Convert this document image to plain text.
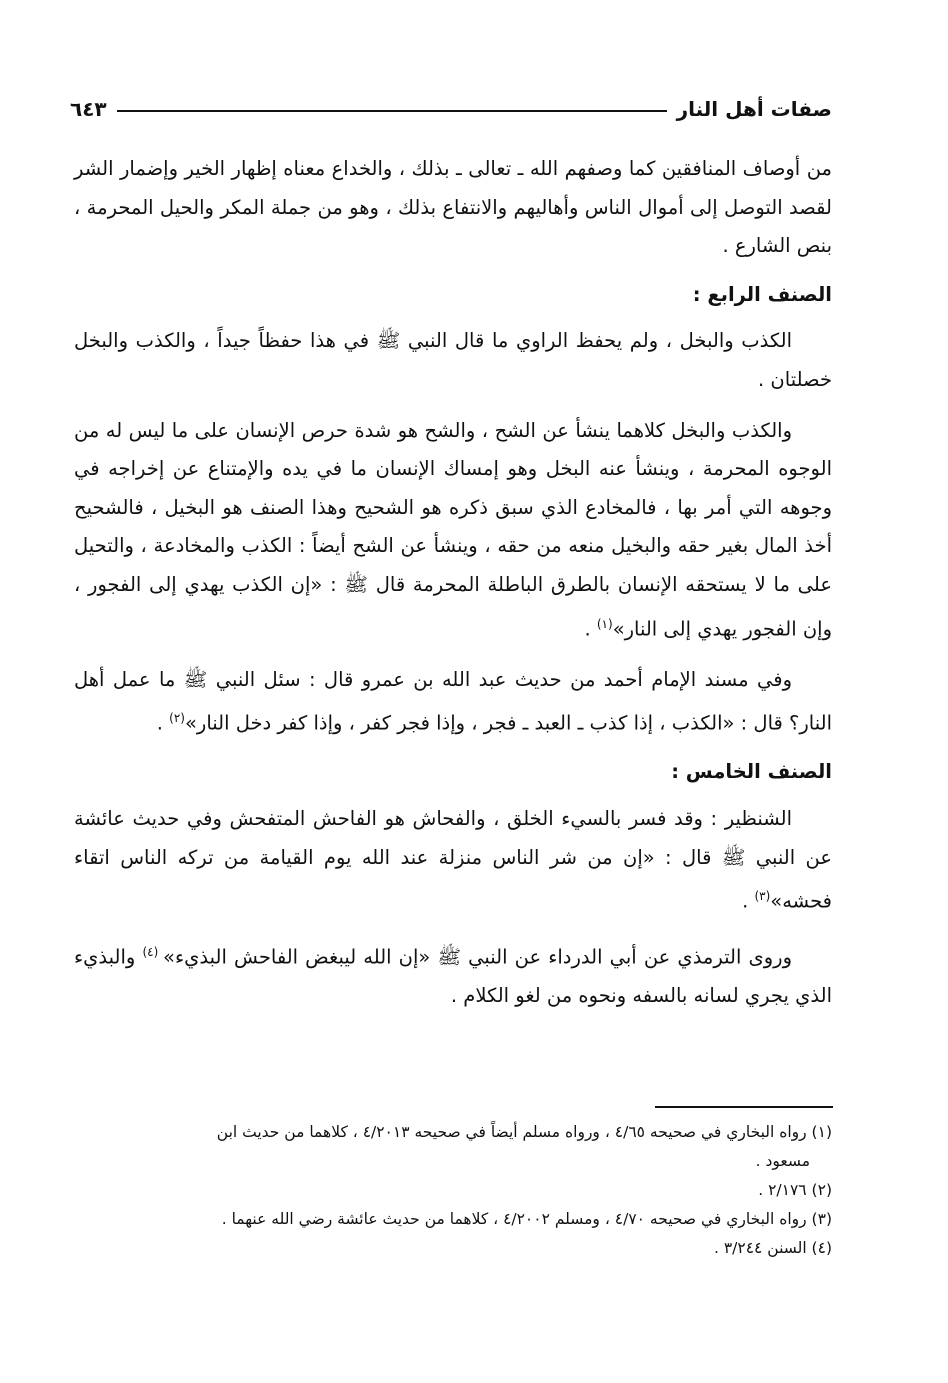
صفات أهل النار
٦٤٣

من أوصاف المنافقين كما وصفهم الله ـ تعالى ـ بذلك ، والخداع معناه إظهار الخير وإضمار الشر لقصد التوصل إلى أموال الناس وأهاليهم والانتفاع بذلك ، وهو من جملة المكر والحيل المحرمة ، بنص الشارع .

الصنف الرابع :

الكذب والبخل ، ولم يحفظ الراوي ما قال النبي ﷺ في هذا حفظاً جيداً ، والكذب والبخل خصلتان .

والكذب والبخل كلاهما ينشأ عن الشح ، والشح هو شدة حرص الإنسان على ما ليس له من الوجوه المحرمة ، وينشأ عنه البخل وهو إمساك الإنسان ما في يده والإمتناع عن إخراجه في وجوهه التي أمر بها ، فالمخادع الذي سبق ذكره هو الشحيح وهذا الصنف هو البخيل ، فالشحيح أخذ المال بغير حقه والبخيل منعه من حقه ، وينشأ عن الشح أيضاً : الكذب والمخادعة ، والتحيل على ما لا يستحقه الإنسان بالطرق الباطلة المحرمة قال ﷺ : «إن الكذب يهدي إلى الفجور ، وإن الفجور يهدي إلى النار»$^{(١)}$ .

وفي مسند الإمام أحمد من حديث عبد الله بن عمرو قال : سئل النبي ﷺ ما عمل أهل النار؟ قال : «الكذب ، إذا كذب ـ العبد ـ فجر ، وإذا فجر كفر ، وإذا كفر دخل النار»$^{(٢)}$ .

الصنف الخامس :

الشنظير : وقد فسر بالسيء الخلق ، والفحاش هو الفاحش المتفحش وفي حديث عائشة عن النبي ﷺ قال : «إن من شر الناس منزلة عند الله يوم القيامة من تركه الناس اتقاء فحشه»$^{(٣)}$ .

وروى الترمذي عن أبي الدرداء عن النبي ﷺ «إن الله ليبغض الفاحش البذيء» $^{(٤)}$ والبذيء الذي يجري لسانه بالسفه ونحوه من لغو الكلام .

(١) رواه البخاري في صحيحه ٤/٦٥ ، ورواه مسلم أيضاً في صحيحه ٤/٢٠١٣ ، كلاهما من حديث ابن

مسعود .

(٢) ٢/١٧٦ .

(٣) رواه البخاري في صحيحه ٤/٧٠ ، ومسلم ٤/٢٠٠٢ ، كلاهما من حديث عائشة رضي الله عنهما .

(٤) السنن ٣/٢٤٤ .
